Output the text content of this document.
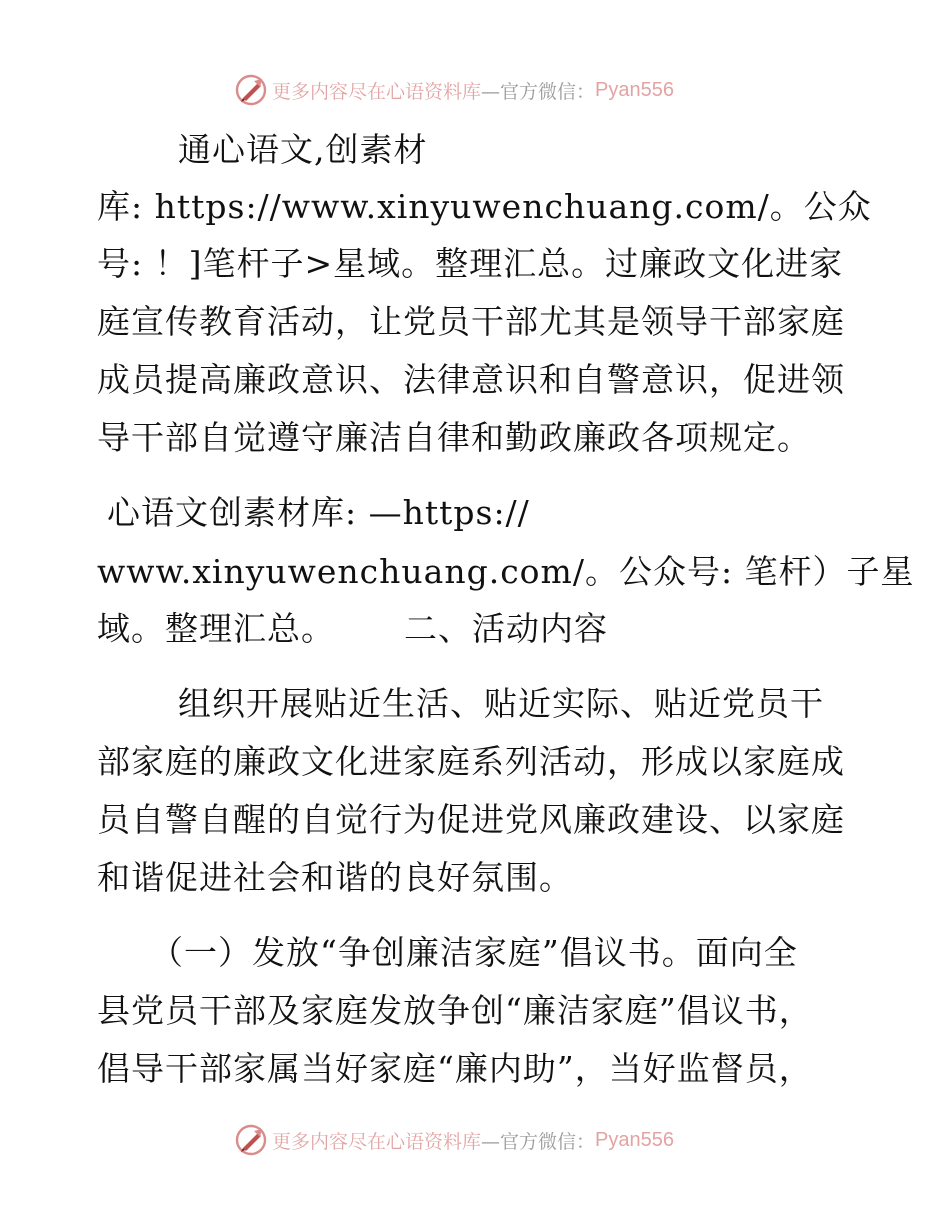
更多内容尽在心语资料库 —官方微信： Pyan556
通心语文,创素材
库: https://www.xinyuwenchuang.com/。公众
号: ！]笔杆子>星域。整理汇总。过廉政文化进家
庭宣传教育活动，让党员干部尤其是领导干部家庭
成员提高廉政意识、法律意识和自警意识，促进领
导干部自觉遵守廉洁自律和勤政廉政各项规定。
心语文创素材库: —https://
www.xinyuwenchuang.com/。公众号: 笔杆）子星
域。整理汇总。      二、活动内容
组织开展贴近生活、贴近实际、贴近党员干
部家庭的廉政文化进家庭系列活动，形成以家庭成
员自警自醒的自觉行为促进党风廉政建设、以家庭
和谐促进社会和谐的良好氛围。
（一）发放“争创廉洁家庭”倡议书。面向全
县党员干部及家庭发放争创“廉洁家庭”倡议书，
倡导干部家属当好家庭“廉内助”，当好监督员，
更多内容尽在心语资料库 —官方微信： Pyan556
